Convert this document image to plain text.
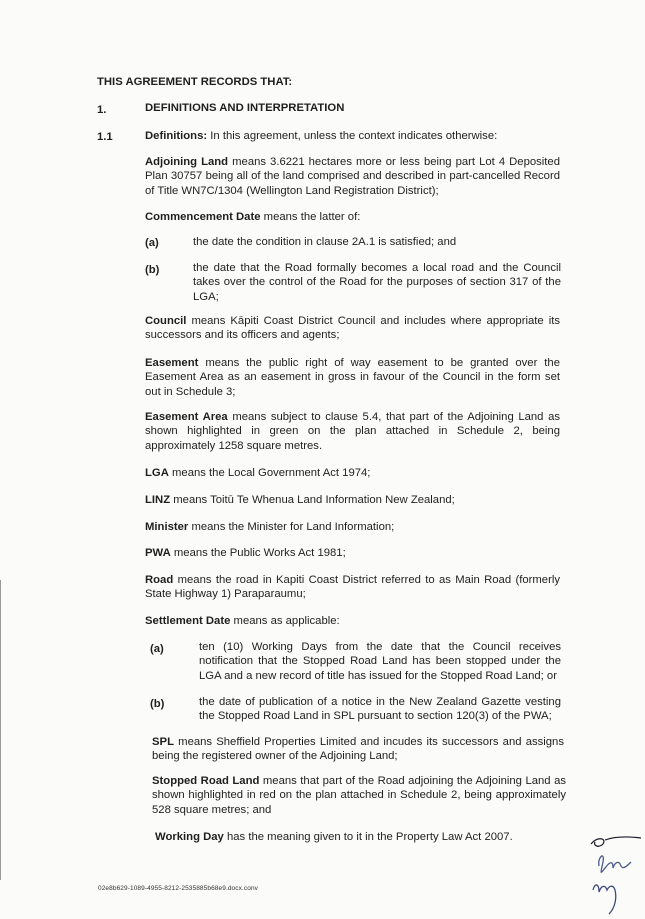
THIS AGREEMENT RECORDS THAT:

1.	DEFINITIONS AND INTERPRETATION
1.1	Definitions: In this agreement, unless the context indicates otherwise:

Adjoining Land means 3.6221 hectares more or less being part Lot 4 Deposited Plan 30757 being all of the land comprised and described in part-cancelled Record of Title WN7C/1304 (Wellington Land Registration District);

Commencement Date means the latter of:

(a)	the date the condition in clause 2A.1 is satisfied; and

(b)	the date that the Road formally becomes a local road and the Council takes over the control of the Road for the purposes of section 317 of the LGA;

Council means Kāpiti Coast District Council and includes where appropriate its successors and its officers and agents;

Easement means the public right of way easement to be granted over the Easement Area as an easement in gross in favour of the Council in the form set out in Schedule 3;

Easement Area means subject to clause 5.4, that part of the Adjoining Land as shown highlighted in green on the plan attached in Schedule 2, being approximately 1258 square metres.

LGA means the Local Government Act 1974;

LINZ means Toitū Te Whenua Land Information New Zealand;

Minister means the Minister for Land Information;

PWA means the Public Works Act 1981;

Road means the road in Kapiti Coast District referred to as Main Road (formerly State Highway 1) Paraparaumu;

Settlement Date means as applicable:

(a)	ten (10) Working Days from the date that the Council receives notification that the Stopped Road Land has been stopped under the LGA and a new record of title has issued for the Stopped Road Land; or

(b)	the date of publication of a notice in the New Zealand Gazette vesting the Stopped Road Land in SPL pursuant to section 120(3) of the PWA;

SPL means Sheffield Properties Limited and incudes its successors and assigns being the registered owner of the Adjoining Land;

Stopped Road Land means that part of the Road adjoining the Adjoining Land as shown highlighted in red on the plan attached in Schedule 2, being approximately 528 square metres; and

Working Day has the meaning given to it in the Property Law Act 2007.

02e8b629-1089-4955-8212-2535885b68e9.docx.conv
